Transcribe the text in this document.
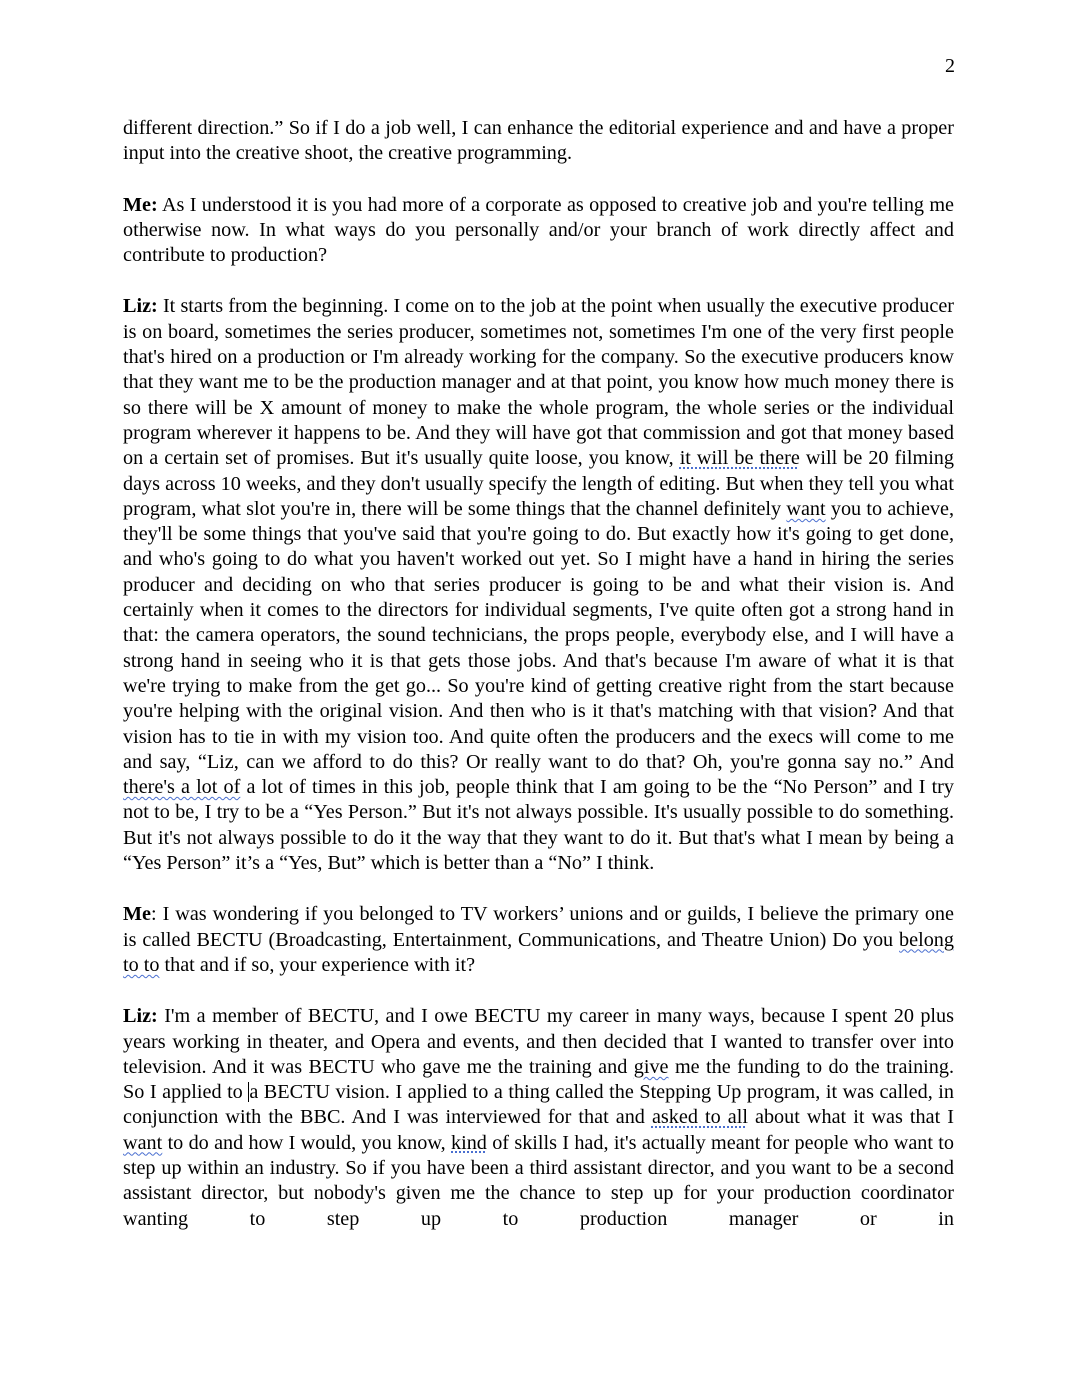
2

different direction.” So if I do a job well, I can enhance the editorial experience and and have a proper input into the creative shoot, the creative programming.

Me: As I understood it is you had more of a corporate as opposed to creative job and you're telling me otherwise now. In what ways do you personally and/or your branch of work directly affect and contribute to production?

Liz: It starts from the beginning. I come on to the job at the point when usually the executive producer is on board, sometimes the series producer, sometimes not, sometimes I'm one of the very first people that's hired on a production or I'm already working for the company. So the executive producers know that they want me to be the production manager and at that point, you know how much money there is so there will be X amount of money to make the whole program, the whole series or the individual program wherever it happens to be. And they will have got that commission and got that money based on a certain set of promises. But it's usually quite loose, you know, it will be there will be 20 filming days across 10 weeks, and they don't usually specify the length of editing. But when they tell you what program, what slot you're in, there will be some things that the channel definitely want you to achieve, they'll be some things that you've said that you're going to do. But exactly how it's going to get done, and who's going to do what you haven't worked out yet. So I might have a hand in hiring the series producer and deciding on who that series producer is going to be and what their vision is. And certainly when it comes to the directors for individual segments, I've quite often got a strong hand in that: the camera operators, the sound technicians, the props people, everybody else, and I will have a strong hand in seeing who it is that gets those jobs. And that's because I'm aware of what it is that we're trying to make from the get go... So you're kind of getting creative right from the start because you're helping with the original vision. And then who is it that's matching with that vision? And that vision has to tie in with my vision too. And quite often the producers and the execs will come to me and say, “Liz, can we afford to do this? Or really want to do that? Oh, you're gonna say no.” And there's a lot of a lot of times in this job, people think that I am going to be the “No Person” and I try not to be, I try to be a “Yes Person.” But it's not always possible. It's usually possible to do something. But it's not always possible to do it the way that they want to do it. But that's what I mean by being a “Yes Person” it’s a “Yes, But” which is better than a “No” I think.

Me: I was wondering if you belonged to TV workers’ unions and or guilds, I believe the primary one is called BECTU (Broadcasting, Entertainment, Communications, and Theatre Union) Do you belong to to that and if so, your experience with it?

Liz: I'm a member of BECTU, and I owe BECTU my career in many ways, because I spent 20 plus years working in theater, and Opera and events, and then decided that I wanted to transfer over into television. And it was BECTU who gave me the training and give me the funding to do the training. So I applied to a BECTU vision. I applied to a thing called the Stepping Up program, it was called, in conjunction with the BBC. And I was interviewed for that and asked to all about what it was that I want to do and how I would, you know, kind of skills I had, it's actually meant for people who want to step up within an industry. So if you have been a third assistant director, and you want to be a second assistant director, but nobody's given me the chance to step up for your production coordinator wanting to step up to production manager or in
